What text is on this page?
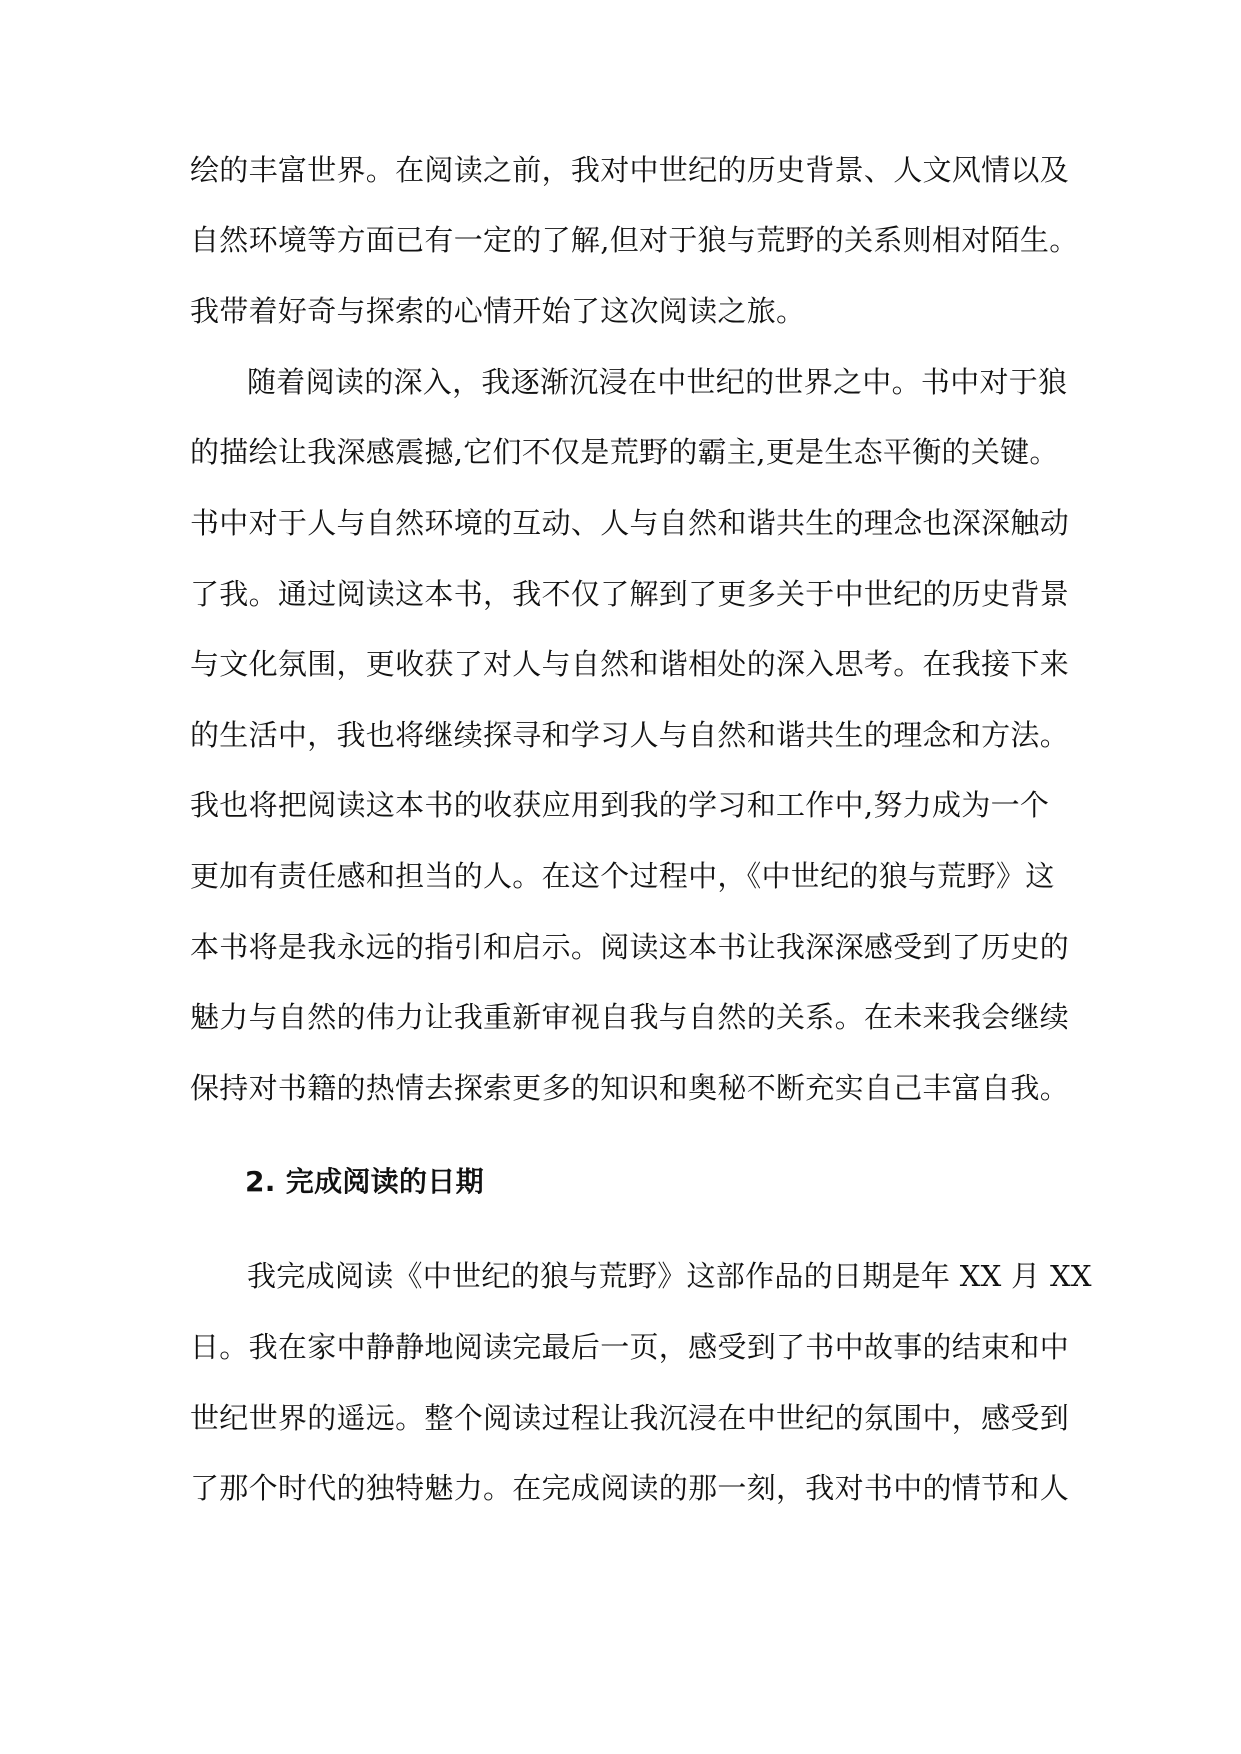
绘的丰富世界。在阅读之前，我对中世纪的历史背景、人文风情以及
自然环境等方面已有一定的了解,但对于狼与荒野的关系则相对陌生。
我带着好奇与探索的心情开始了这次阅读之旅。
随着阅读的深入，我逐渐沉浸在中世纪的世界之中。书中对于狼
的描绘让我深感震撼,它们不仅是荒野的霸主,更是生态平衡的关键。
书中对于人与自然环境的互动、人与自然和谐共生的理念也深深触动
了我。通过阅读这本书，我不仅了解到了更多关于中世纪的历史背景
与文化氛围，更收获了对人与自然和谐相处的深入思考。在我接下来
的生活中，我也将继续探寻和学习人与自然和谐共生的理念和方法。
我也将把阅读这本书的收获应用到我的学习和工作中,努力成为一个
更加有责任感和担当的人。在这个过程中，《中世纪的狼与荒野》这
本书将是我永远的指引和启示。阅读这本书让我深深感受到了历史的
魅力与自然的伟力让我重新审视自我与自然的关系。在未来我会继续
保持对书籍的热情去探索更多的知识和奥秘不断充实自己丰富自我。
2. 完成阅读的日期
我完成阅读《中世纪的狼与荒野》这部作品的日期是年 XX 月 XX
日。我在家中静静地阅读完最后一页，感受到了书中故事的结束和中
世纪世界的遥远。整个阅读过程让我沉浸在中世纪的氛围中，感受到
了那个时代的独特魅力。在完成阅读的那一刻，我对书中的情节和人
